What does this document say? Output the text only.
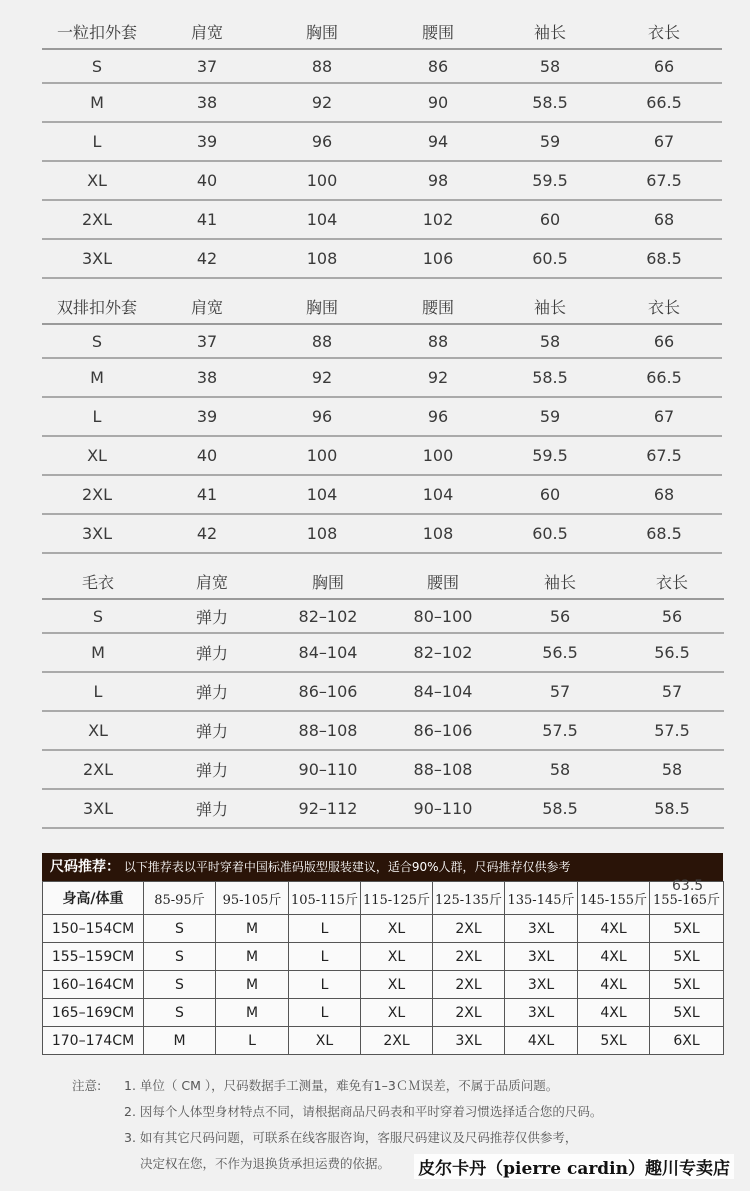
一粒扣外套	肩宽	胸围	腰围	袖长	衣长
S	37	88	86	58	66
M	38	92	90	58.5	66.5
L	39	96	94	59	67
XL	40	100	98	59.5	67.5
2XL	41	104	102	60	68
3XL	42	108	106	60.5	68.5
双排扣外套	肩宽	胸围	腰围	袖长	衣长
S	37	88	88	58	66
M	38	92	92	58.5	66.5
L	39	96	96	59	67
XL	40	100	100	59.5	67.5
2XL	41	104	104	60	68
3XL	42	108	108	60.5	68.5
毛衣	肩宽	胸围	腰围	袖长	衣长
S	弹力	82–102	80–100	56	56
M	弹力	84–104	82–102	56.5	56.5
L	弹力	86–106	84–104	57	57
XL	弹力	88–108	86–106	57.5	57.5
2XL	弹力	90–110	88–108	58	58
3XL	弹力	92–112	90–110	58.5	58.5
尺码推荐： 以下推荐表以平时穿着中国标准码版型服装建议，适合90%人群，尺码推荐仅供参考
身高/体重	85-95斤	95-105斤	105-115斤	115-125斤	125-135斤	135-145斤	145-155斤	155-165斤
150–154CM	S	M	L	XL	2XL	3XL	4XL	5XL
155–159CM	S	M	L	XL	2XL	3XL	4XL	5XL
160–164CM	S	M	L	XL	2XL	3XL	4XL	5XL
165–169CM	S	M	L	XL	2XL	3XL	4XL	5XL
170–174CM	M	L	XL	2XL	3XL	4XL	5XL	6XL
63.5
注意: 1. 单位（ CM ），尺码数据手工测量，难免有1–3ＣＭ误差，不属于品质问题。
2. 因每个人体型身材特点不同，请根据商品尺码表和平时穿着习惯选择适合您的尺码。
3. 如有其它尺码问题，可联系在线客服咨询，客服尺码建议及尺码推荐仅供参考，
决定权在您，不作为退换货承担运费的依据。	皮尔卡丹（pierre cardin）趣川专卖店
